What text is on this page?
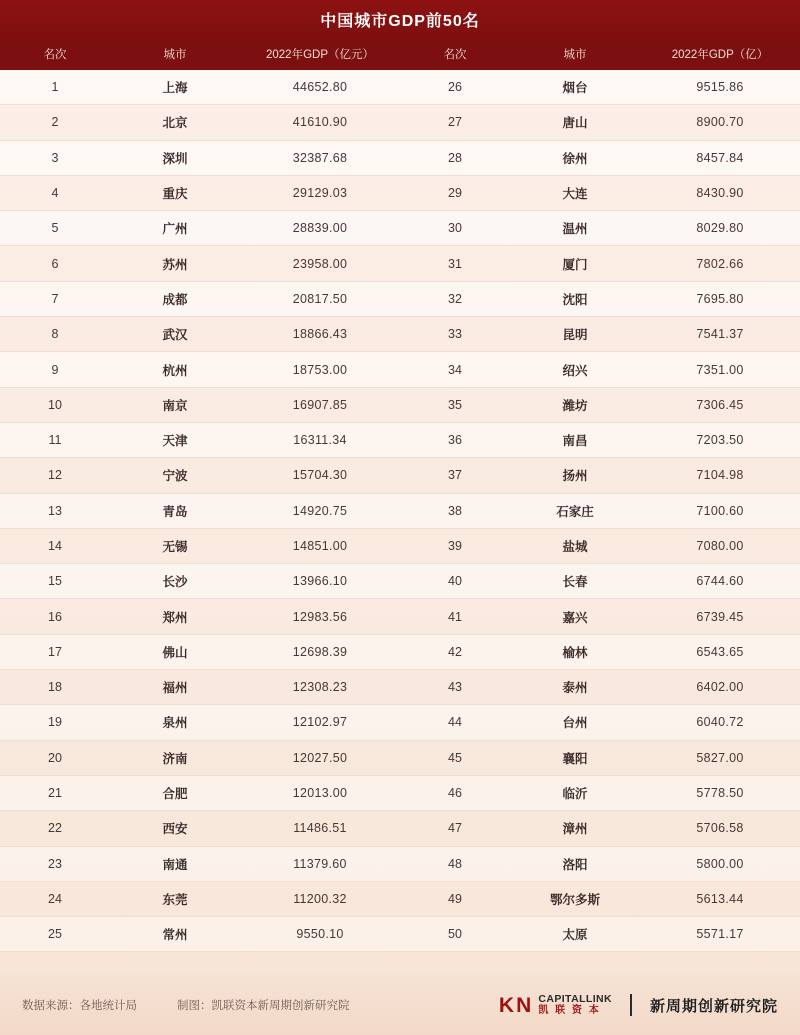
中国城市GDP前50名
名次	城市	2022年GDP（亿元）	名次	城市	2022年GDP（亿）
1	上海	44652.80	26	烟台	9515.86
2	北京	41610.90	27	唐山	8900.70
3	深圳	32387.68	28	徐州	8457.84
4	重庆	29129.03	29	大连	8430.90
5	广州	28839.00	30	温州	8029.80
6	苏州	23958.00	31	厦门	7802.66
7	成都	20817.50	32	沈阳	7695.80
8	武汉	18866.43	33	昆明	7541.37
9	杭州	18753.00	34	绍兴	7351.00
10	南京	16907.85	35	潍坊	7306.45
11	天津	16311.34	36	南昌	7203.50
12	宁波	15704.30	37	扬州	7104.98
13	青岛	14920.75	38	石家庄	7100.60
14	无锡	14851.00	39	盐城	7080.00
15	长沙	13966.10	40	长春	6744.60
16	郑州	12983.56	41	嘉兴	6739.45
17	佛山	12698.39	42	榆林	6543.65
18	福州	12308.23	43	泰州	6402.00
19	泉州	12102.97	44	台州	6040.72
20	济南	12027.50	45	襄阳	5827.00
21	合肥	12013.00	46	临沂	5778.50
22	西安	11486.51	47	漳州	5706.58
23	南通	11379.60	48	洛阳	5800.00
24	东莞	11200.32	49	鄂尔多斯	5613.44
25	常州	9550.10	50	太原	5571.17
数据来源：各地统计局	制图：凯联资本新周期创新研究院	K N CAPITALLINK
凯 联 资 本	新周期创新研究院
